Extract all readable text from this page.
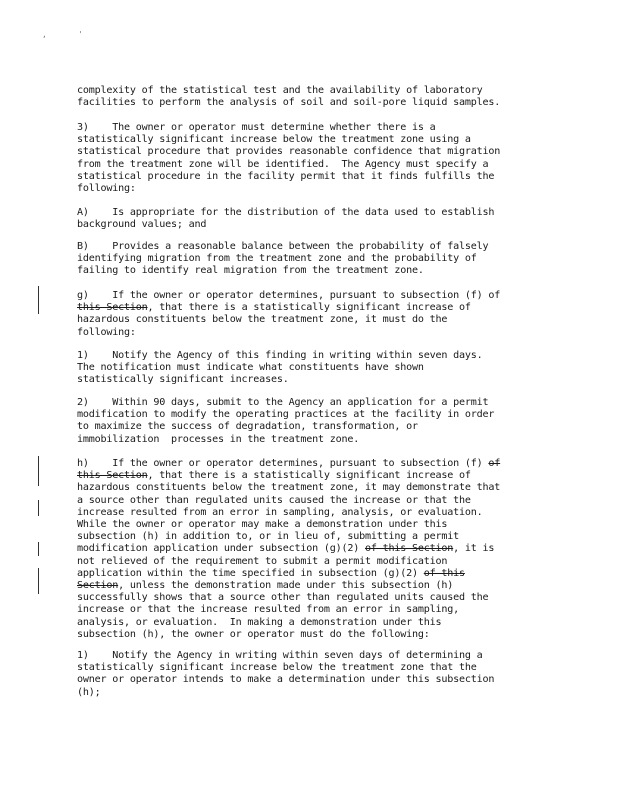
,	'
complexity of the statistical test and the availability of laboratory
facilities to perform the analysis of soil and soil-pore liquid samples.
3)    The owner or operator must determine whether there is a
statistically significant increase below the treatment zone using a
statistical procedure that provides reasonable confidence that migration
from the treatment zone will be identified.  The Agency must specify a
statistical procedure in the facility permit that it finds fulfills the
following:
A)    Is appropriate for the distribution of the data used to establish
background values; and
B)    Provides a reasonable balance between the probability of falsely
identifying migration from the treatment zone and the probability of
failing to identify real migration from the treatment zone.
g)    If the owner or operator determines, pursuant to subsection (f) of
this Section, that there is a statistically significant increase of
hazardous constituents below the treatment zone, it must do the
following:
1)    Notify the Agency of this finding in writing within seven days.
The notification must indicate what constituents have shown
statistically significant increases.
2)    Within 90 days, submit to the Agency an application for a permit
modification to modify the operating practices at the facility in order
to maximize the success of degradation, transformation, or
immobilization  processes in the treatment zone.
h)    If the owner or operator determines, pursuant to subsection (f) of
this Section, that there is a statistically significant increase of
hazardous constituents below the treatment zone, it may demonstrate that
a source other than regulated units caused the increase or that the
increase resulted from an error in sampling, analysis, or evaluation.
While the owner or operator may make a demonstration under this
subsection (h) in addition to, or in lieu of, submitting a permit
modification application under subsection (g)(2) of this Section, it is
not relieved of the requirement to submit a permit modification
application within the time specified in subsection (g)(2) of this
Section, unless the demonstration made under this subsection (h)
successfully shows that a source other than regulated units caused the
increase or that the increase resulted from an error in sampling,
analysis, or evaluation.  In making a demonstration under this
subsection (h), the owner or operator must do the following:
1)    Notify the Agency in writing within seven days of determining a
statistically significant increase below the treatment zone that the
owner or operator intends to make a determination under this subsection
(h);
